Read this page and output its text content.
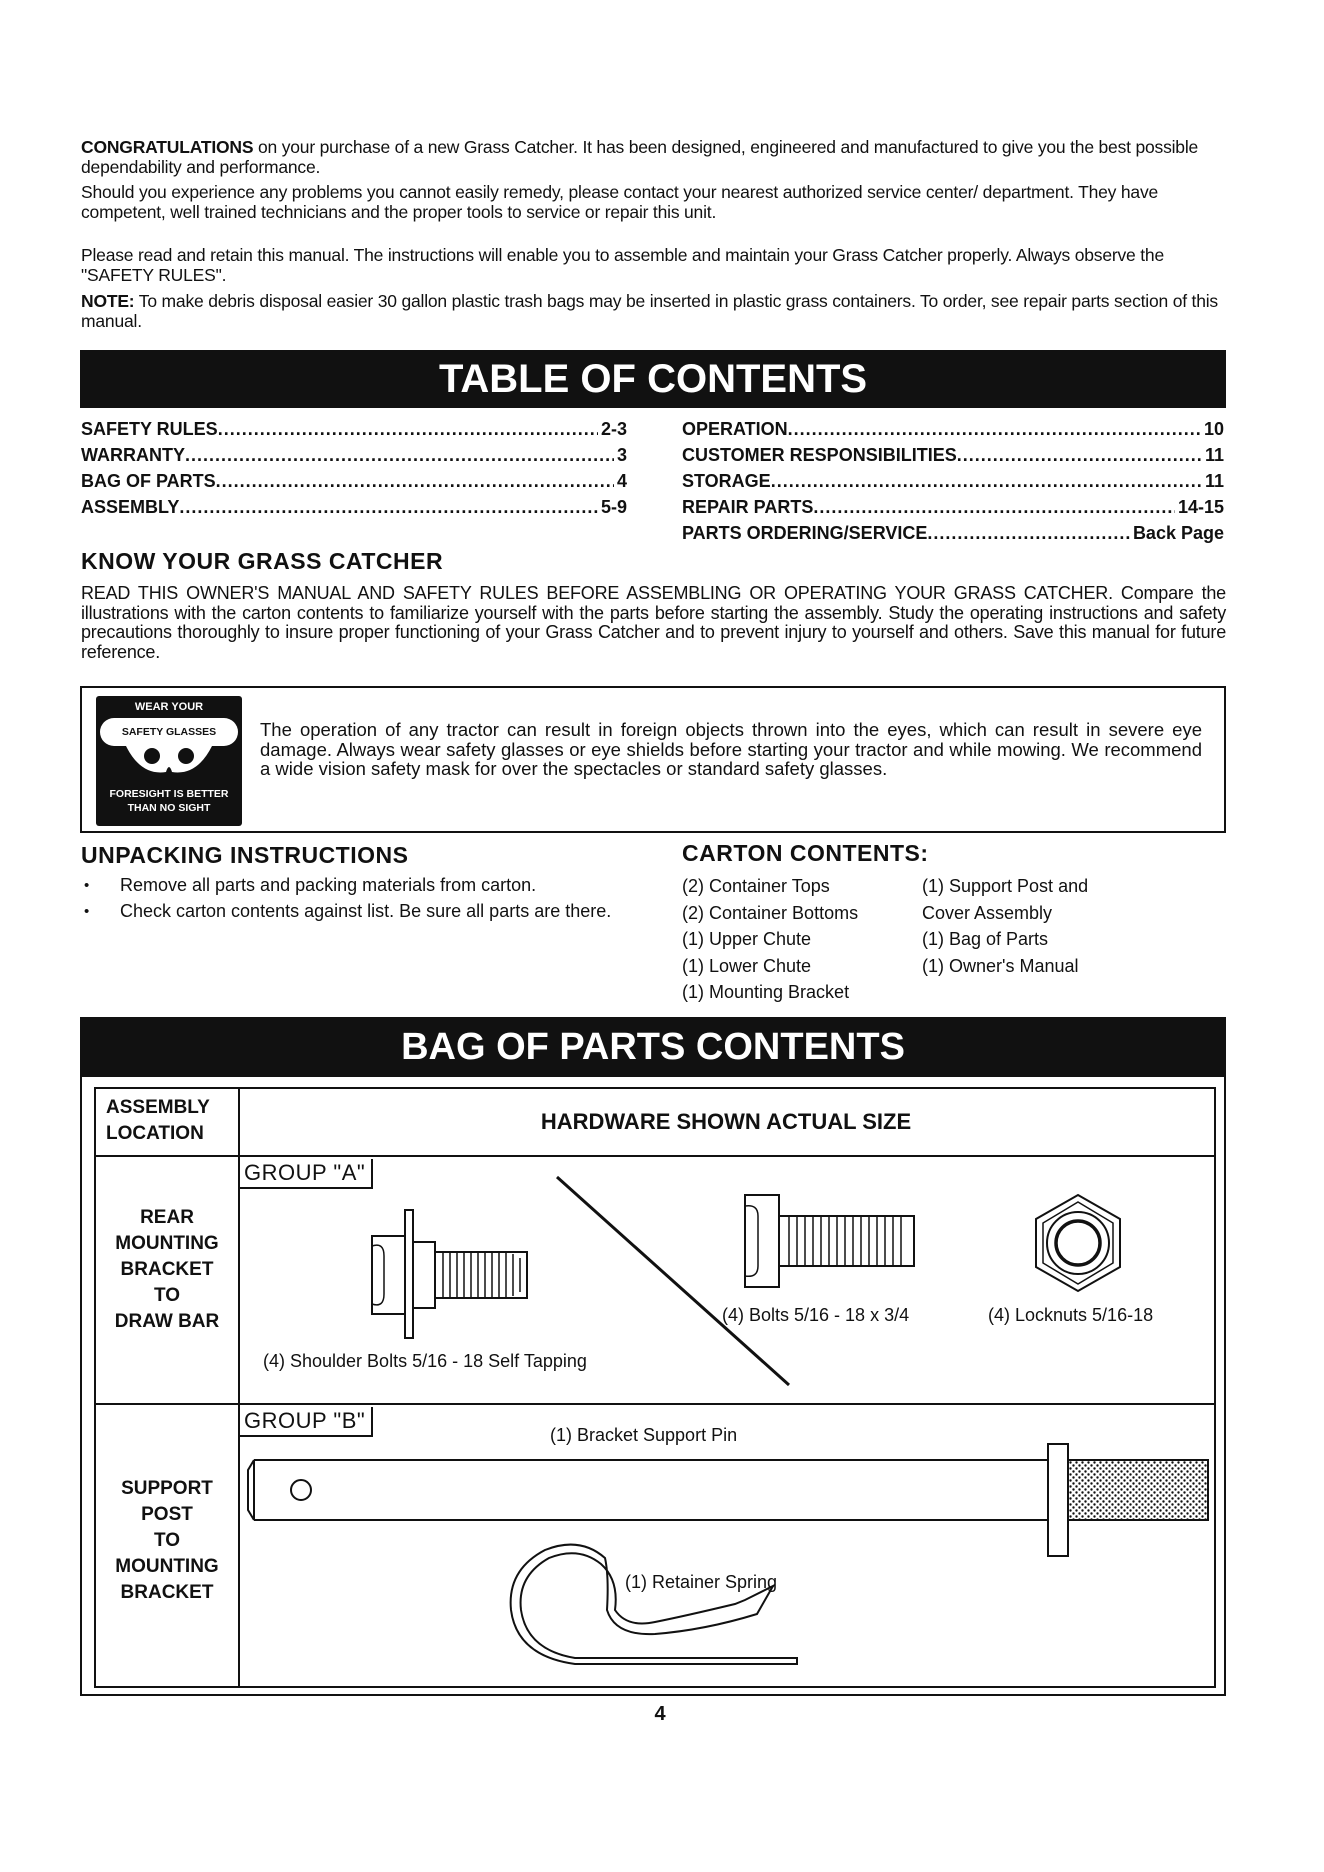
CONGRATULATIONS on your purchase of a new Grass Catcher. It has been designed, engineered and manufactured to give you the best possible dependability and performance.
Should you experience any problems you cannot easily remedy, please contact your nearest authorized service center/ department. They have competent, well trained technicians and the proper tools to service or repair this unit.
Please read and retain this manual. The instructions will enable you to assemble and maintain your Grass Catcher properly. Always observe the "SAFETY RULES".
NOTE: To make debris disposal easier 30 gallon plastic trash bags may be inserted in plastic grass containers. To order, see repair parts section of this manual.
TABLE OF CONTENTS
SAFETY RULES .....	2-3
WARRANTY .....	3
BAG OF PARTS .....	4
ASSEMBLY .....	5-9
OPERATION .....	10
CUSTOMER RESPONSIBILITIES .....	11
STORAGE .....	11
REPAIR PARTS .....	14-15
PARTS ORDERING/SERVICE .....	Back Page
KNOW YOUR GRASS CATCHER
READ THIS OWNER'S MANUAL AND SAFETY RULES BEFORE ASSEMBLING OR OPERATING YOUR GRASS CATCHER. Compare the illustrations with the carton contents to familiarize yourself with the parts before starting the assembly. Study the operating instructions and safety precautions thoroughly to insure proper functioning of your Grass Catcher and to prevent injury to yourself and others. Save this manual for future reference.
WEAR YOUR
SAFETY GLASSES
FORESIGHT IS BETTER
THAN NO SIGHT
The operation of any tractor can result in foreign objects thrown into the eyes, which can result in severe eye damage. Always wear safety glasses or eye shields before starting your tractor and while mowing. We recommend a wide vision safety mask for over the spectacles or standard safety glasses.
UNPACKING INSTRUCTIONS
• Remove all parts and packing materials from carton.
• Check carton contents against list. Be sure all parts are there.
CARTON CONTENTS:
(2) Container Tops
(2) Container Bottoms
(1) Upper Chute
(1) Lower Chute
(1) Mounting Bracket
(1) Support Post and
Cover Assembly
(1) Bag of Parts
(1) Owner's Manual
BAG OF PARTS CONTENTS
ASSEMBLY LOCATION	HARDWARE SHOWN ACTUAL SIZE
REAR
MOUNTING
BRACKET
TO
DRAW BAR
GROUP "A"
(4) Shoulder Bolts 5/16 - 18 Self Tapping
(4) Bolts 5/16 - 18 x 3/4	(4) Locknuts 5/16-18
SUPPORT
POST
TO
MOUNTING
BRACKET
GROUP "B"
(1) Bracket Support Pin
(1) Retainer Spring
4
